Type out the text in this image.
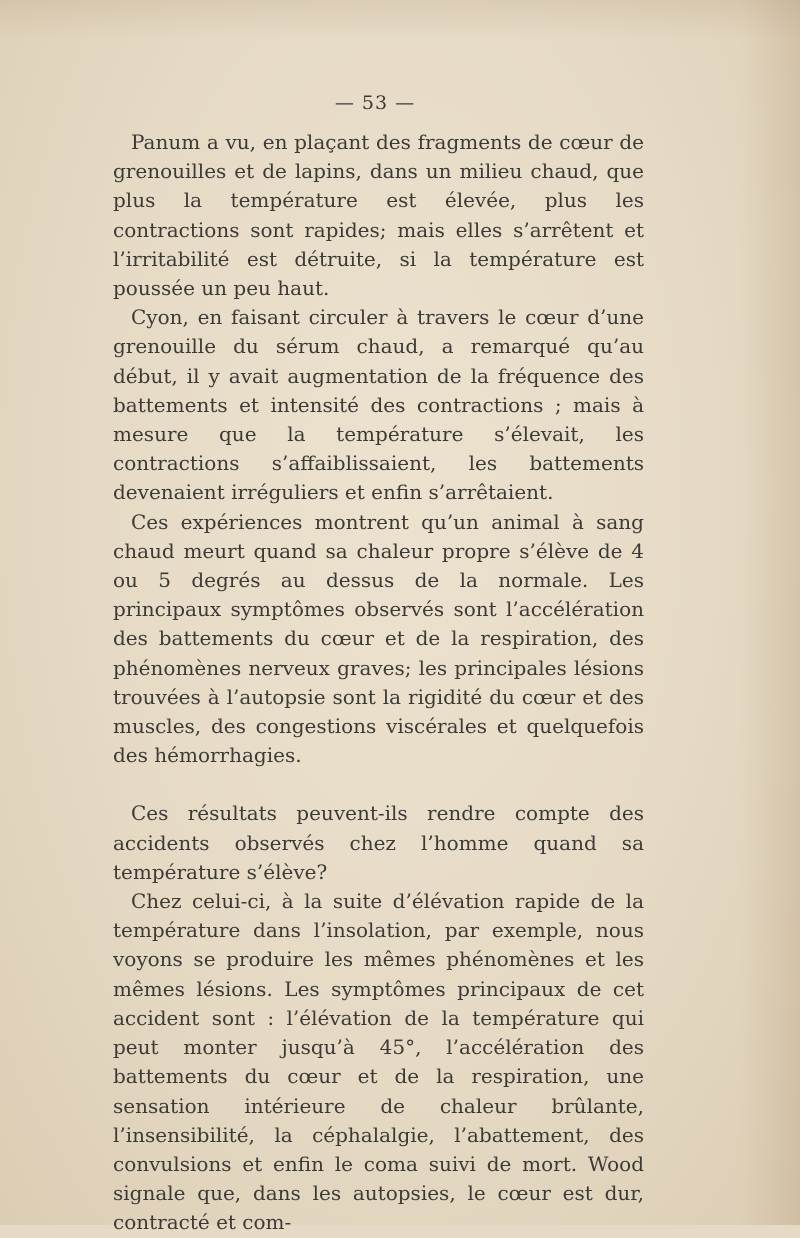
— 53 —

Panum a vu, en plaçant des fragments de cœur de grenouilles et de lapins, dans un milieu chaud, que plus la température est élevée, plus les contractions sont rapides; mais elles s’arrêtent et l’irritabilité est détruite, si la température est poussée un peu haut.

Cyon, en faisant circuler à travers le cœur d’une grenouille du sérum chaud, a remarqué qu’au début, il y avait augmentation de la fréquence des battements et intensité des contractions ; mais à mesure que la température s’élevait, les contractions s’affaiblissaient, les battements devenaient irréguliers et enfin s’arrêtaient.

Ces expériences montrent qu’un animal à sang chaud meurt quand sa chaleur propre s’élève de 4 ou 5 degrés au dessus de la normale. Les principaux symptômes observés sont l’accélération des battements du cœur et de la respiration, des phénomènes nerveux graves; les principales lésions trouvées à l’autopsie sont la rigidité du cœur et des muscles, des congestions viscérales et quelquefois des hémorrhagies.

Ces résultats peuvent-ils rendre compte des accidents observés chez l’homme quand sa température s’élève?

Chez celui-ci, à la suite d’élévation rapide de la température dans l’insolation, par exemple, nous voyons se produire les mêmes phénomènes et les mêmes lésions. Les symptômes principaux de cet accident sont : l’élévation de la température qui peut monter jusqu’à 45°, l’accélération des battements du cœur et de la respiration, une sensation intérieure de chaleur brûlante, l’insensibilité, la céphalalgie, l’abattement, des convulsions et enfin le coma suivi de mort. Wood signale que, dans les autopsies, le cœur est dur, contracté et com-
